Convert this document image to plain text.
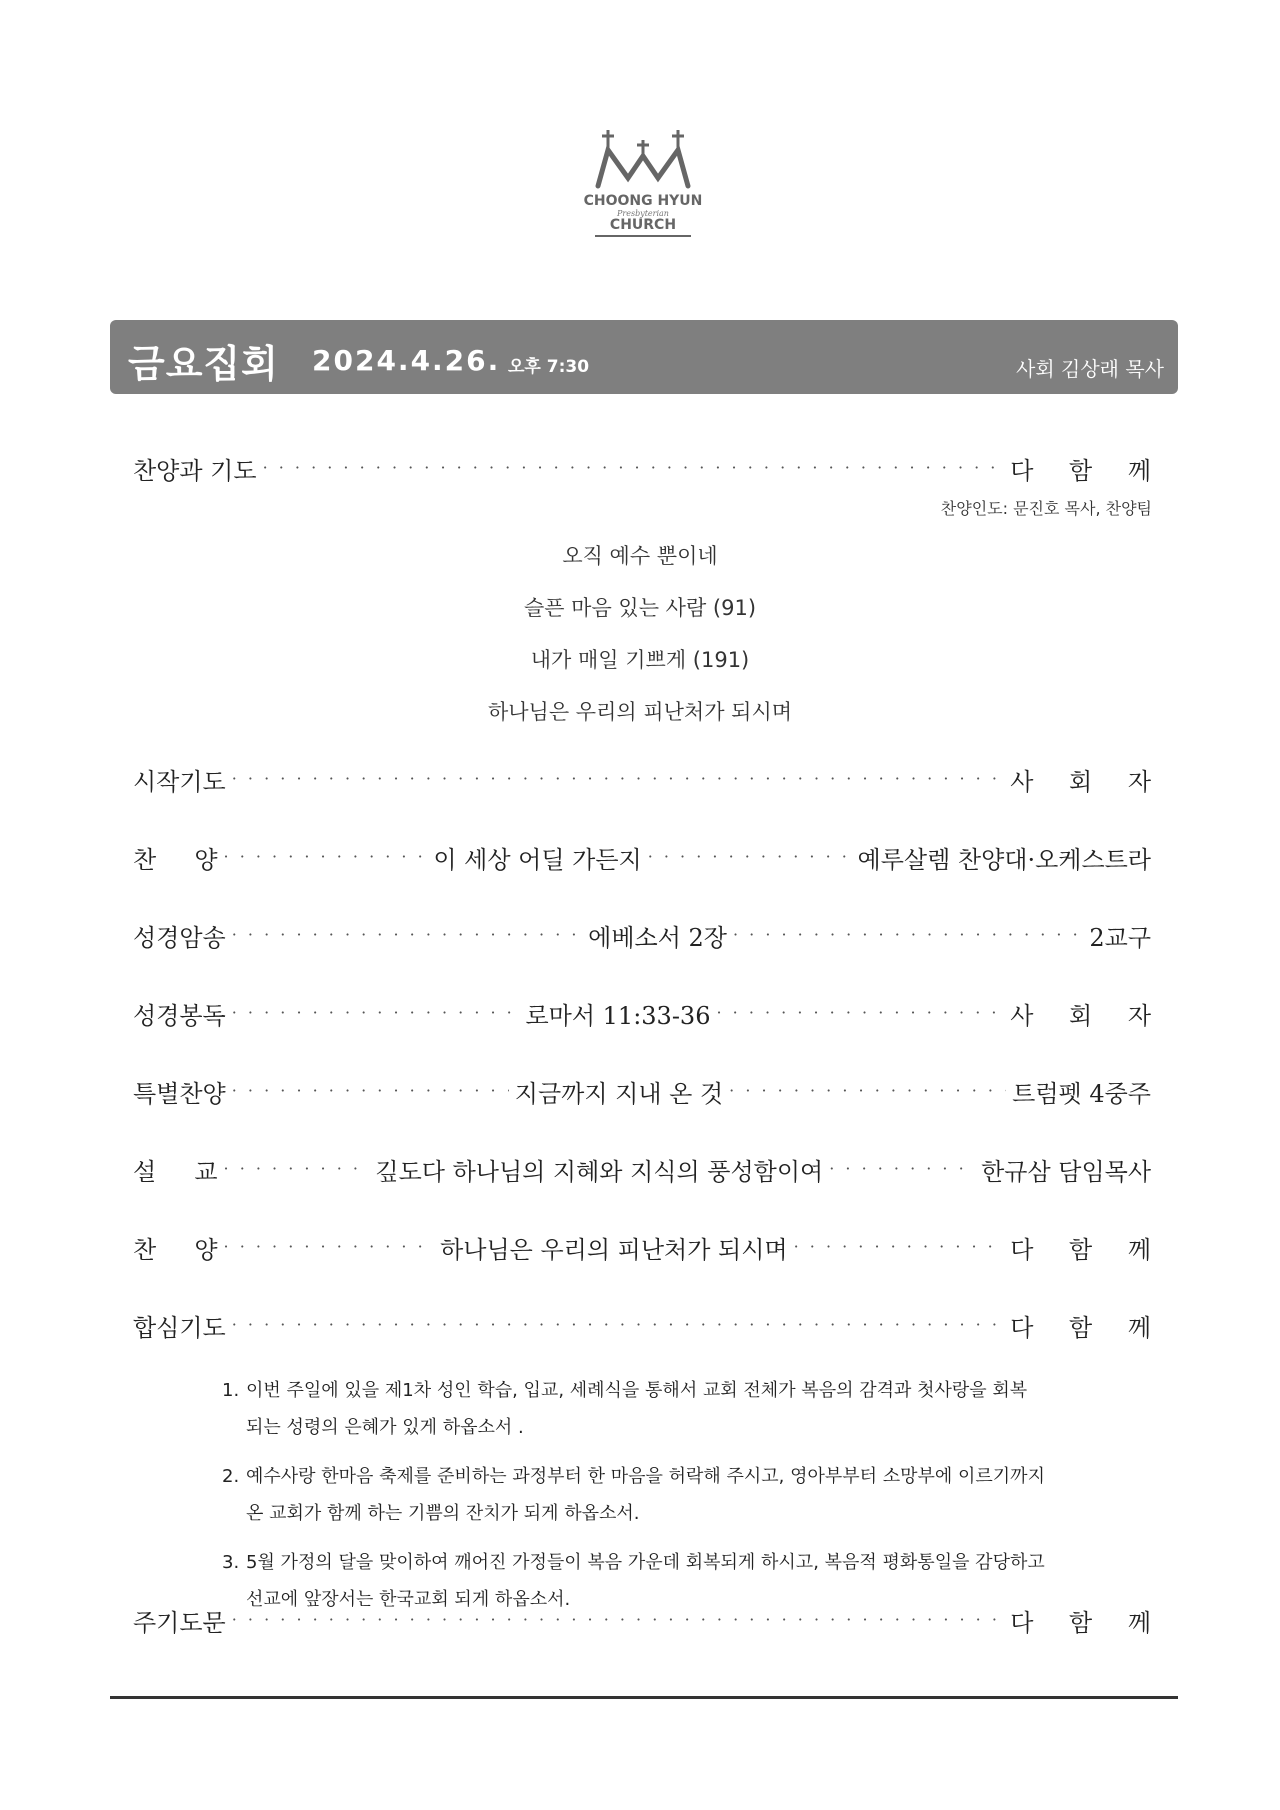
CHOONG HYUN
Presbyterian
CHURCH
금요집회 2024.4.26. 오후 7:30	사회 김상래 목사
찬양과 기도 · · ·	다 함 께
찬양인도: 문진호 목사, 찬양팀
오직 예수 뿐이네
슬픈 마음 있는 사람 (91)
내가 매일 기쁘게 (191)
하나님은 우리의 피난처가 되시며
시작기도 · · ·	사 회 자
찬     양 · · ·	이 세상 어딜 가든지 · · ·	예루살렘 찬양대·오케스트라
성경암송 · · ·	에베소서 2장 · · ·	2교구
성경봉독 · · ·	로마서 11:33-36 · · ·	사 회 자
특별찬양 · · ·	지금까지 지내 온 것 · · ·	트럼펫 4중주
설     교 · · ·	깊도다 하나님의 지혜와 지식의 풍성함이여 · · ·	한규삼 담임목사
찬     양 · · ·	하나님은 우리의 피난처가 되시며 · · ·	다 함 께
합심기도 · · ·	다 함 께
1. 이번 주일에 있을 제1차 성인 학습, 입교, 세례식을 통해서 교회 전체가 복음의 감격과 첫사랑을 회복
되는 성령의 은혜가 있게 하옵소서 .
2. 예수사랑 한마음 축제를 준비하는 과정부터 한 마음을 허락해 주시고, 영아부부터 소망부에 이르기까지
온 교회가 함께 하는 기쁨의 잔치가 되게 하옵소서.
3. 5월 가정의 달을 맞이하여 깨어진 가정들이 복음 가운데 회복되게 하시고, 복음적 평화통일을 감당하고
선교에 앞장서는 한국교회 되게 하옵소서.
주기도문 · · ·	다 함 께
